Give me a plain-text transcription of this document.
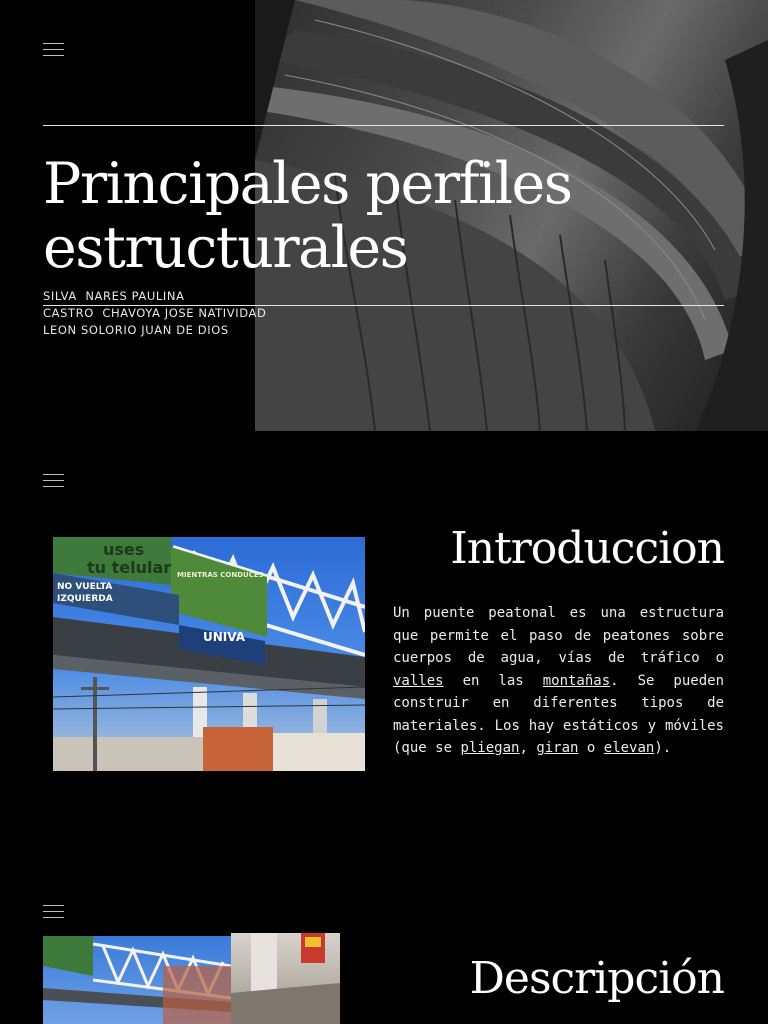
Principales perfiles
estructurales
SILVA  NARES PAULINA
CASTRO  CHAVOYA JOSE NATIVIDAD
LEON SOLORIO JUAN DE DIOS
uses
tu telular MIENTRAS CONDUCES
NO VUELTA
IZQUIERDA
UNIVA
Introduccion

Un puente peatonal es una estructura que permite el paso de peatones sobre cuerpos de agua, vías de tráfico o valles en las montañas. Se pueden construir en diferentes tipos de materiales. Los hay estáticos y móviles (que se pliegan, giran o elevan).

Descripción
